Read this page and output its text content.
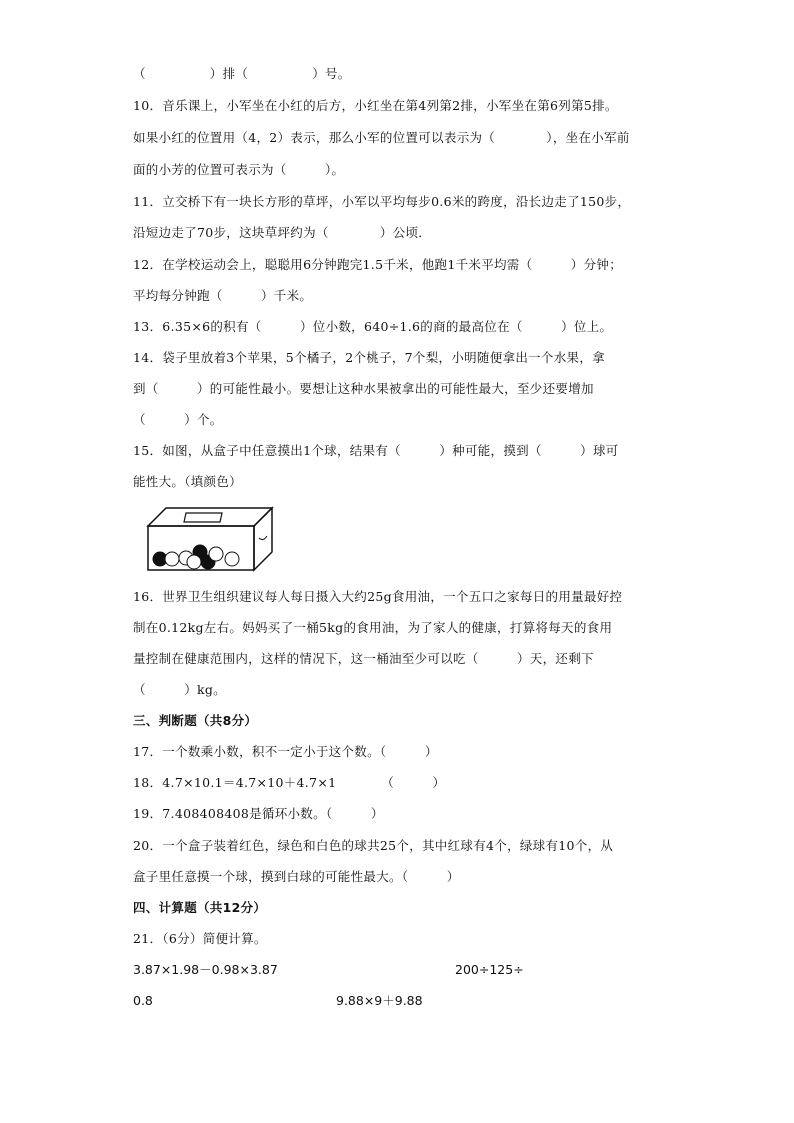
（　　　　　）排（　　　　　）号。
10．音乐课上，小军坐在小红的后方，小红坐在第4列第2排，小军坐在第6列第5排。
如果小红的位置用（4，2）表示，那么小军的位置可以表示为（　　　　），坐在小军前
面的小芳的位置可表示为（　　　）。
11．立交桥下有一块长方形的草坪，小军以平均每步0.6米的跨度，沿长边走了150步，
沿短边走了70步，这块草坪约为（　　　　）公顷．
12．在学校运动会上，聪聪用6分钟跑完1.5千米，他跑1千米平均需（　　　）分钟；
平均每分钟跑（　　　）千米。
13．6.35×6的积有（　　　）位小数，640÷1.6的商的最高位在（　　　）位上。
14．袋子里放着3个苹果，5个橘子，2个桃子，7个梨，小明随便拿出一个水果，拿
到（　　　）的可能性最小。要想让这种水果被拿出的可能性最大，至少还要增加
（　　　）个。
15．如图，从盒子中任意摸出1个球，结果有（　　　）种可能，摸到（　　　）球可
能性大。（填颜色）
16．世界卫生组织建议每人每日摄入大约25g食用油，一个五口之家每日的用量最好控
制在0.12kg左右。妈妈买了一桶5kg的食用油，为了家人的健康，打算将每天的食用
量控制在健康范围内，这样的情况下，这一桶油至少可以吃（　　　）天，还剩下
（　　　）kg。
三、判断题（共8分）
17．一个数乘小数，积不一定小于这个数。（　　　）
18．4.7×10.1＝4.7×10＋4.7×1　　　　（　　　）
19．7.408408408是循环小数。（　　　）
20．一个盒子装着红色，绿色和白色的球共25个，其中红球有4个，绿球有10个，从
盒子里任意摸一个球，摸到白球的可能性最大。（　　　）
四、计算题（共12分）
21．（6分）简便计算。
3.87×1.98－0.98×3.87	200÷125÷
0.8	9.88×9＋9.88
